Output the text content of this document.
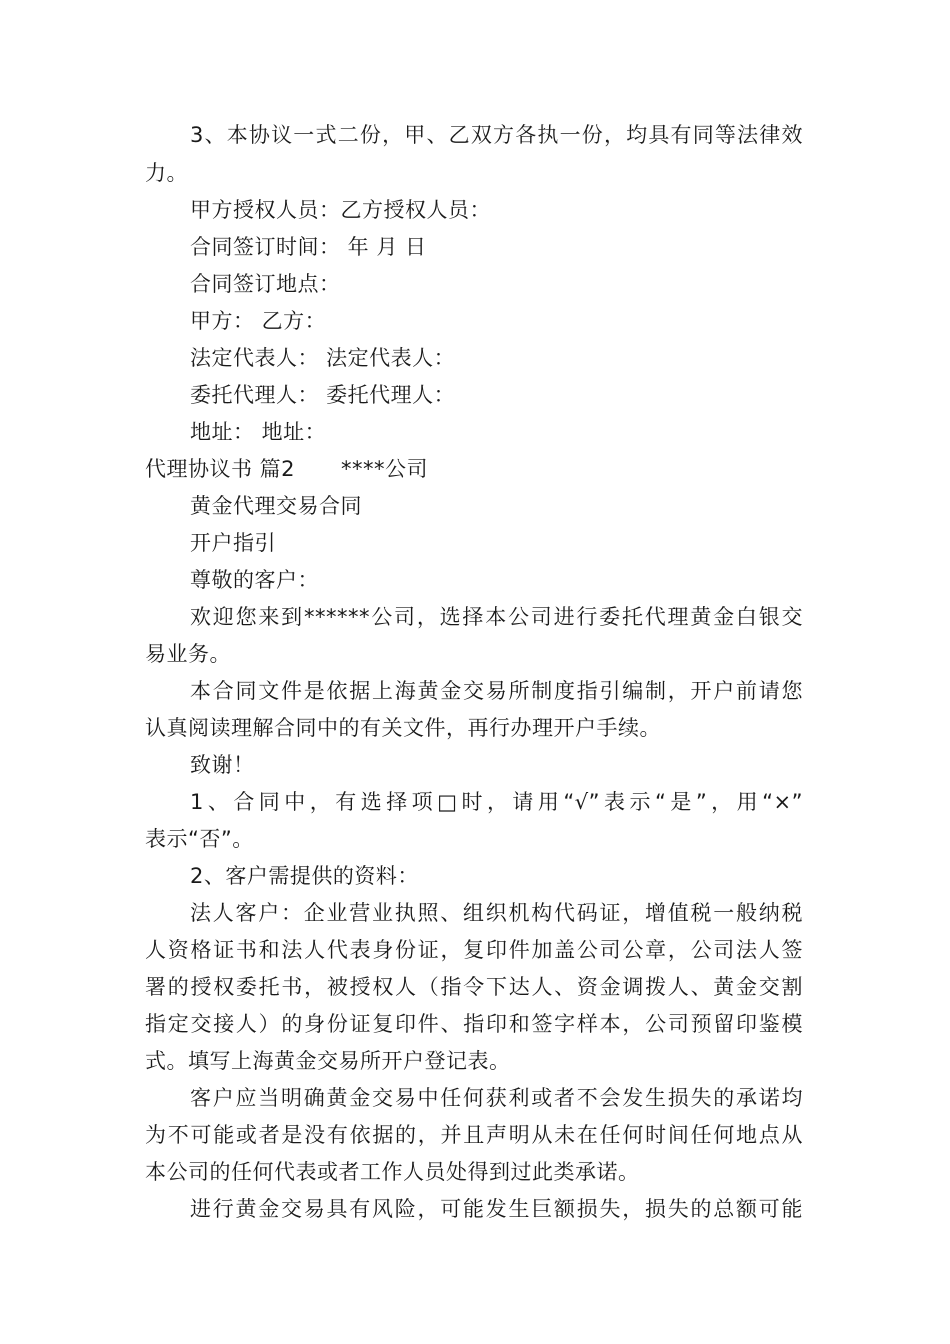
3、本协议一式二份，甲、乙双方各执一份，均具有同等法律效
力。
甲方授权人员：乙方授权人员：
合同签订时间： 年 月 日
合同签订地点：
甲方： 乙方：
法定代表人： 法定代表人：
委托代理人： 委托代理人：
地址： 地址：
代理协议书 篇2 ****公司
黄金代理交易合同
开户指引
尊敬的客户：
欢迎您来到******公司，选择本公司进行委托代理黄金白银交
易业务。
本合同文件是依据上海黄金交易所制度指引编制，开户前请您
认真阅读理解合同中的有关文件，再行办理开户手续。
致谢！
1、合同中，有选择项□时，请用“√”表示“是”，用“×”
表示“否”。
2、客户需提供的资料：
法人客户：企业营业执照、组织机构代码证，增值税一般纳税
人资格证书和法人代表身份证，复印件加盖公司公章，公司法人签
署的授权委托书，被授权人（指令下达人、资金调拨人、黄金交割
指定交接人）的身份证复印件、指印和签字样本，公司预留印鉴模
式。填写上海黄金交易所开户登记表。
客户应当明确黄金交易中任何获利或者不会发生损失的承诺均
为不可能或者是没有依据的，并且声明从未在任何时间任何地点从
本公司的任何代表或者工作人员处得到过此类承诺。
进行黄金交易具有风险，可能发生巨额损失，损失的总额可能
